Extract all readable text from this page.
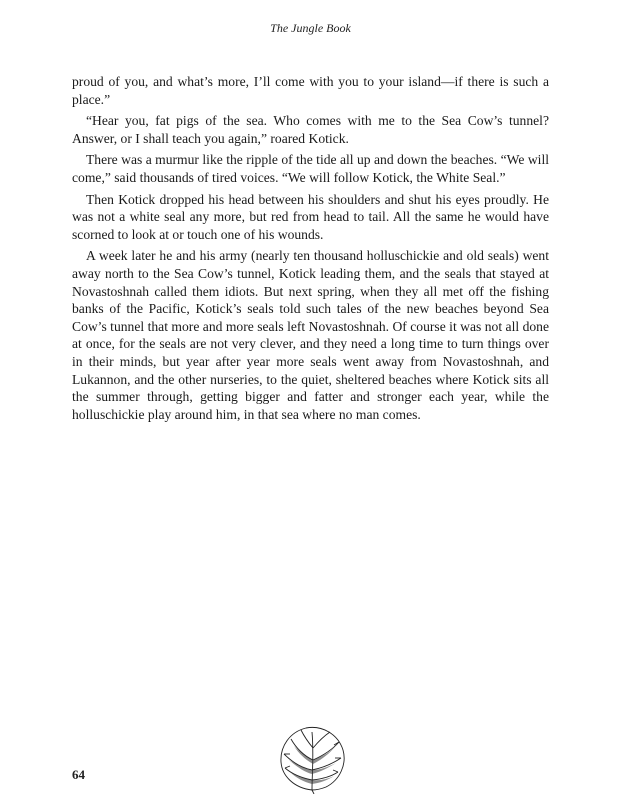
The Jungle Book

proud of you, and what’s more, I’ll come with you to your island—if there is such a place.”

“Hear you, fat pigs of the sea. Who comes with me to the Sea Cow’s tunnel? Answer, or I shall teach you again,” roared Kotick.

There was a murmur like the ripple of the tide all up and down the beaches. “We will come,” said thousands of tired voices. “We will follow Kotick, the White Seal.”

Then Kotick dropped his head between his shoulders and shut his eyes proudly. He was not a white seal any more, but red from head to tail. All the same he would have scorned to look at or touch one of his wounds.

A week later he and his army (nearly ten thousand holluschickie and old seals) went away north to the Sea Cow’s tunnel, Kotick leading them, and the seals that stayed at Novastoshnah called them idiots. But next spring, when they all met off the fishing banks of the Pacific, Kotick’s seals told such tales of the new beaches beyond Sea Cow’s tunnel that more and more seals left Novastoshnah. Of course it was not all done at once, for the seals are not very clever, and they need a long time to turn things over in their minds, but year after year more seals went away from Novastoshnah, and Lukannon, and the other nurseries, to the quiet, sheltered beaches where Kotick sits all the summer through, getting bigger and fatter and stronger each year, while the holluschickie play around him, in that sea where no man comes.

64
